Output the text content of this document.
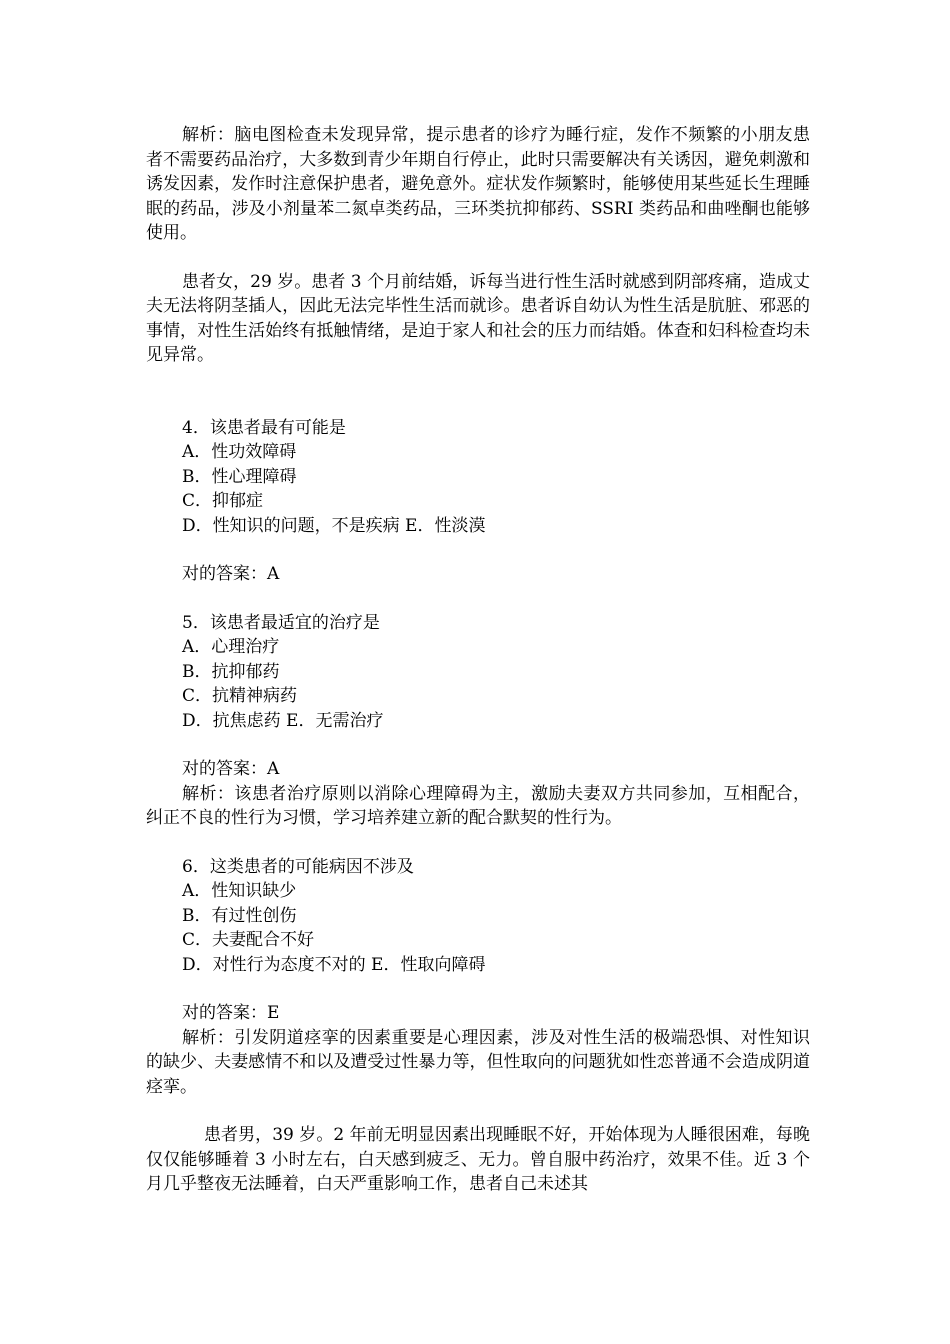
解析：脑电图检查未发现异常，提示患者的诊疗为睡行症，发作不频繁的小朋友患者不需要药品治疗，大多数到青少年期自行停止，此时只需要解决有关诱因，避免刺激和诱发因素，发作时注意保护患者，避免意外。症状发作频繁时，能够使用某些延长生理睡眠的药品，涉及小剂量苯二氮卓类药品，三环类抗抑郁药、SSRI 类药品和曲唑酮也能够使用。

患者女，29 岁。患者 3 个月前结婚，诉每当进行性生活时就感到阴部疼痛，造成丈夫无法将阴茎插人，因此无法完毕性生活而就诊。患者诉自幼认为性生活是肮脏、邪恶的事情，对性生活始终有抵触情绪，是迫于家人和社会的压力而结婚。体查和妇科检查均未见异常。

4．该患者最有可能是

A．性功效障碍

B．性心理障碍

C．抑郁症

D．性知识的问题，不是疾病 E．性淡漠

对的答案：A

5．该患者最适宜的治疗是

A．心理治疗

B．抗抑郁药

C．抗精神病药

D．抗焦虑药 E．无需治疗

对的答案：A

解析：该患者治疗原则以消除心理障碍为主，激励夫妻双方共同参加，互相配合，纠正不良的性行为习惯，学习培养建立新的配合默契的性行为。

6．这类患者的可能病因不涉及

A．性知识缺少

B．有过性创伤

C．夫妻配合不好

D．对性行为态度不对的 E．性取向障碍

对的答案：E

解析：引发阴道痉挛的因素重要是心理因素，涉及对性生活的极端恐惧、对性知识的缺少、夫妻感情不和以及遭受过性暴力等，但性取向的问题犹如性恋普通不会造成阴道痉挛。

患者男，39 岁。2 年前无明显因素出现睡眠不好，开始体现为人睡很困难，每晚仅仅能够睡着 3 小时左右，白天感到疲乏、无力。曾自服中药治疗，效果不佳。近 3 个月几乎整夜无法睡着，白天严重影响工作，患者自己未述其
